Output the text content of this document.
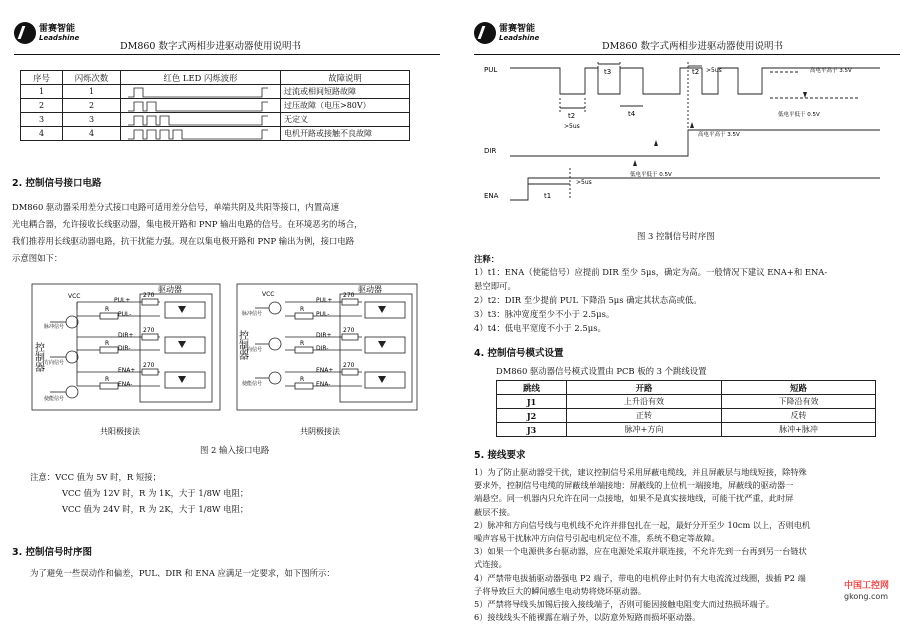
雷赛智能
Leadshine
DM860 数字式两相步进驱动器使用说明书
序号	闪烁次数	红色 LED 闪烁波形	故障说明
1	1		过流或相间短路故障
2	2		过压故障（电压>80V）
3	3		无定义
4	4		电机开路或接触不良故障
2. 控制信号接口电路
DM860 驱动器采用差分式接口电路可适用差分信号，单端共阴及共阳等接口，内置高速
光电耦合器，允许接收长线驱动器，集电极开路和 PNP 输出电路的信号。在环境恶劣的场合，
我们推荐用长线驱动器电路，抗干扰能力强。现在以集电极开路和 PNP 输出为例，接口电路
示意图如下：
VCC	VCC
PUL+
PUL-
DIR+
DIR-
ENA+
ENA-
PUL+
PUL-
DIR+
DIR-
ENA+
ENA-
R
R
R
R
R
R
270
270
270
270
270
270
脉冲信号
方向信号
使能信号
脉冲信号
方向信号
使能信号
驱动器	驱动器
控制器	控制器
共阳极接法	共阴极接法
图 2 输入接口电路
注意：VCC 值为 5V 时，R 短接；
VCC 值为 12V 时，R 为 1K，大于 1/8W 电阻；
VCC 值为 24V 时，R 为 2K，大于 1/8W 电阻；
3. 控制信号时序图
为了避免一些误动作和偏差，PUL、DIR 和 ENA 应满足一定要求，如下图所示：
雷赛智能
Leadshine
DM860 数字式两相步进驱动器使用说明书
PUL
DIR
ENA	t1
t2
t2
t3
t4
>5us
>5us
>5us
高电平高于 3.5V
低电平低于 0.5V
高电平高于 3.5V
低电平低于 0.5V
图 3 控制信号时序图
注释：
1）t1：ENA（使能信号）应提前 DIR 至少 5μs，确定为高。一般情况下建议 ENA+和 ENA-
悬空即可。
2）t2：DIR 至少提前 PUL 下降沿 5μs 确定其状态高或低。
3）t3：脉冲宽度至少不小于 2.5μs。
4）t4：低电平宽度不小于 2.5μs。
4. 控制信号模式设置
DM860 驱动器信号模式设置由 PCB 板的 3 个跳线设置
跳线	开路	短路
J1	上升沿有效	下降沿有效
J2	正转	反转
J3	脉冲+方向	脉冲+脉冲
5. 接线要求
1）为了防止驱动器受干扰，建议控制信号采用屏蔽电缆线，并且屏蔽层与地线短接，除特殊
要求外，控制信号电缆的屏蔽线单端接地：屏蔽线的上位机一端接地，屏蔽线的驱动器一
端悬空。同一机器内只允许在同一点接地，如果不是真实接地线，可能干扰严重，此时屏
蔽层不接。
2）脉冲和方向信号线与电机线不允许并排包扎在一起，最好分开至少 10cm 以上，否则电机
噪声容易干扰脉冲方向信号引起电机定位不准，系统不稳定等故障。
3）如果一个电源供多台驱动器，应在电源处采取并联连接，不允许先到一台再到另一台链状
式连接。
4）严禁带电拔插驱动器强电 P2 端子，带电的电机停止时仍有大电流流过线圈，拔插 P2 端
子将导致巨大的瞬间感生电动势将烧坏驱动器。
5）严禁将导线头加锡后接入接线端子，否则可能因接触电阻变大而过热损坏端子。
6）接线线头不能裸露在端子外，以防意外短路而损坏驱动器。
中国工控网
gkong.com
